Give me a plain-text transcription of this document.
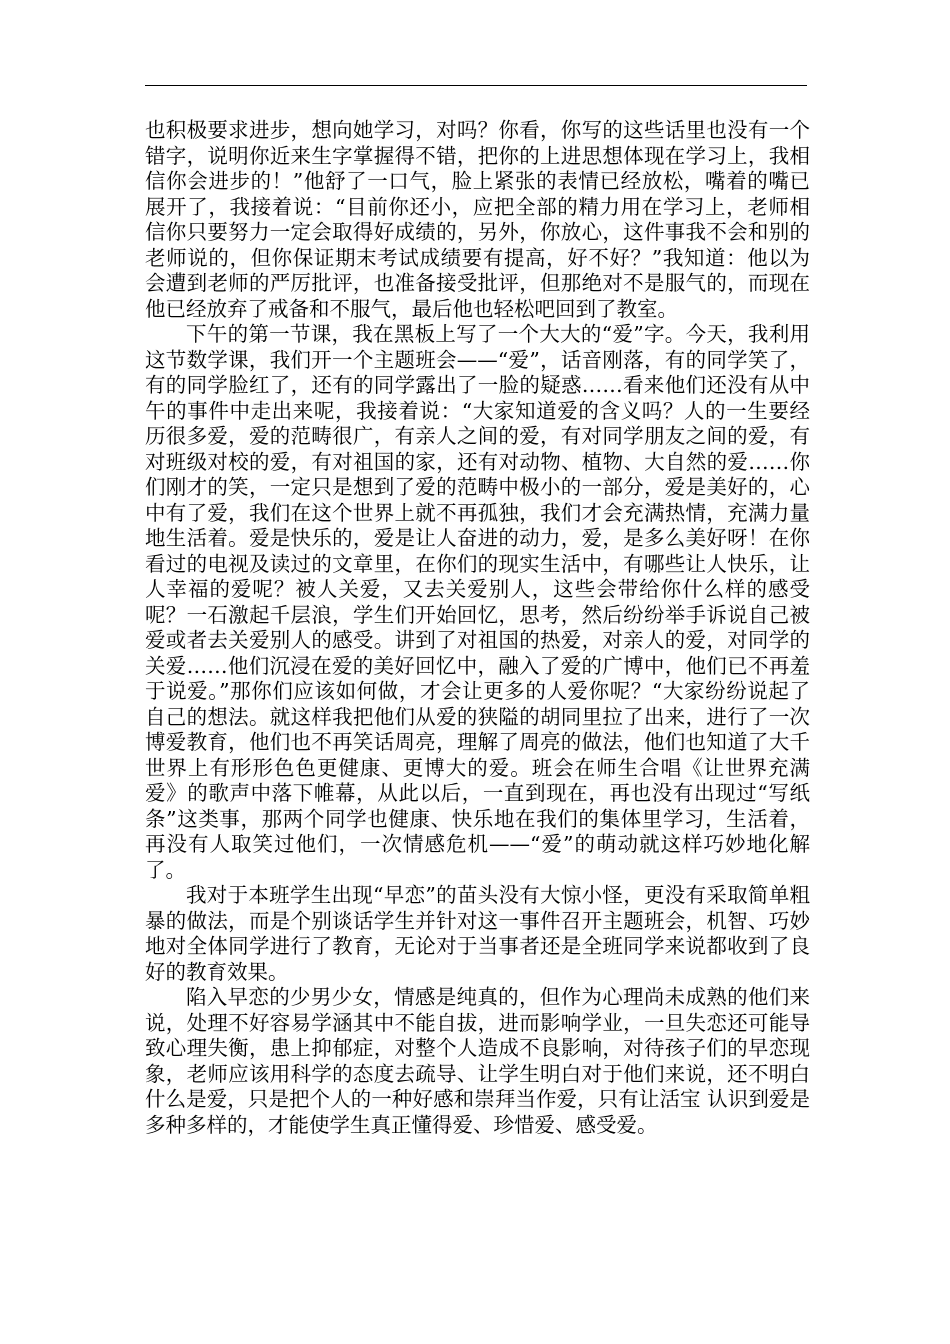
也积极要求进步，想向她学习，对吗？你看，你写的这些话里也没有一个错字，说明你近来生字掌握得不错，把你的上进思想体现在学习上，我相信你会进步的！”他舒了一口气，脸上紧张的表情已经放松，嘴着的嘴已展开了，我接着说：“目前你还小，应把全部的精力用在学习上，老师相信你只要努力一定会取得好成绩的，另外，你放心，这件事我不会和别的老师说的，但你保证期末考试成绩要有提高，好不好？”我知道：他以为会遭到老师的严厉批评，也准备接受批评，但那绝对不是服气的，而现在他已经放弃了戒备和不服气，最后他也轻松吧回到了教室。

下午的第一节课，我在黑板上写了一个大大的“爱”字。今天，我利用这节数学课，我们开一个主题班会——“爱”，话音刚落，有的同学笑了，有的同学脸红了，还有的同学露出了一脸的疑惑……看来他们还没有从中午的事件中走出来呢，我接着说：“大家知道爱的含义吗？人的一生要经历很多爱，爱的范畴很广，有亲人之间的爱，有对同学朋友之间的爱，有对班级对校的爱，有对祖国的家，还有对动物、植物、大自然的爱……你们刚才的笑，一定只是想到了爱的范畴中极小的一部分，爱是美好的，心中有了爱，我们在这个世界上就不再孤独，我们才会充满热情，充满力量地生活着。爱是快乐的，爱是让人奋进的动力，爱，是多么美好呀！在你看过的电视及读过的文章里，在你们的现实生活中，有哪些让人快乐，让人幸福的爱呢？被人关爱，又去关爱别人，这些会带给你什么样的感受呢？一石激起千层浪，学生们开始回忆，思考，然后纷纷举手诉说自己被爱或者去关爱别人的感受。讲到了对祖国的热爱，对亲人的爱，对同学的关爱……他们沉浸在爱的美好回忆中，融入了爱的广博中，他们已不再羞于说爱。”那你们应该如何做，才会让更多的人爱你呢？“大家纷纷说起了自己的想法。就这样我把他们从爱的狭隘的胡同里拉了出来，进行了一次博爱教育，他们也不再笑话周亮，理解了周亮的做法，他们也知道了大千世界上有形形色色更健康、更博大的爱。班会在师生合唱《让世界充满爱》的歌声中落下帷幕，从此以后，一直到现在，再也没有出现过“写纸条”这类事，那两个同学也健康、快乐地在我们的集体里学习，生活着，再没有人取笑过他们，一次情感危机——“爱”的萌动就这样巧妙地化解了。

我对于本班学生出现“早恋”的苗头没有大惊小怪，更没有采取简单粗暴的做法，而是个别谈话学生并针对这一事件召开主题班会，机智、巧妙地对全体同学进行了教育，无论对于当事者还是全班同学来说都收到了良好的教育效果。

陷入早恋的少男少女，情感是纯真的，但作为心理尚未成熟的他们来说，处理不好容易学涵其中不能自拔，进而影响学业，一旦失恋还可能导致心理失衡，患上抑郁症，对整个人造成不良影响，对待孩子们的早恋现象，老师应该用科学的态度去疏导、让学生明白对于他们来说，还不明白什么是爱，只是把个人的一种好感和崇拜当作爱，只有让活宝 认识到爱是多种多样的，才能使学生真正懂得爱、珍惜爱、感受爱。
